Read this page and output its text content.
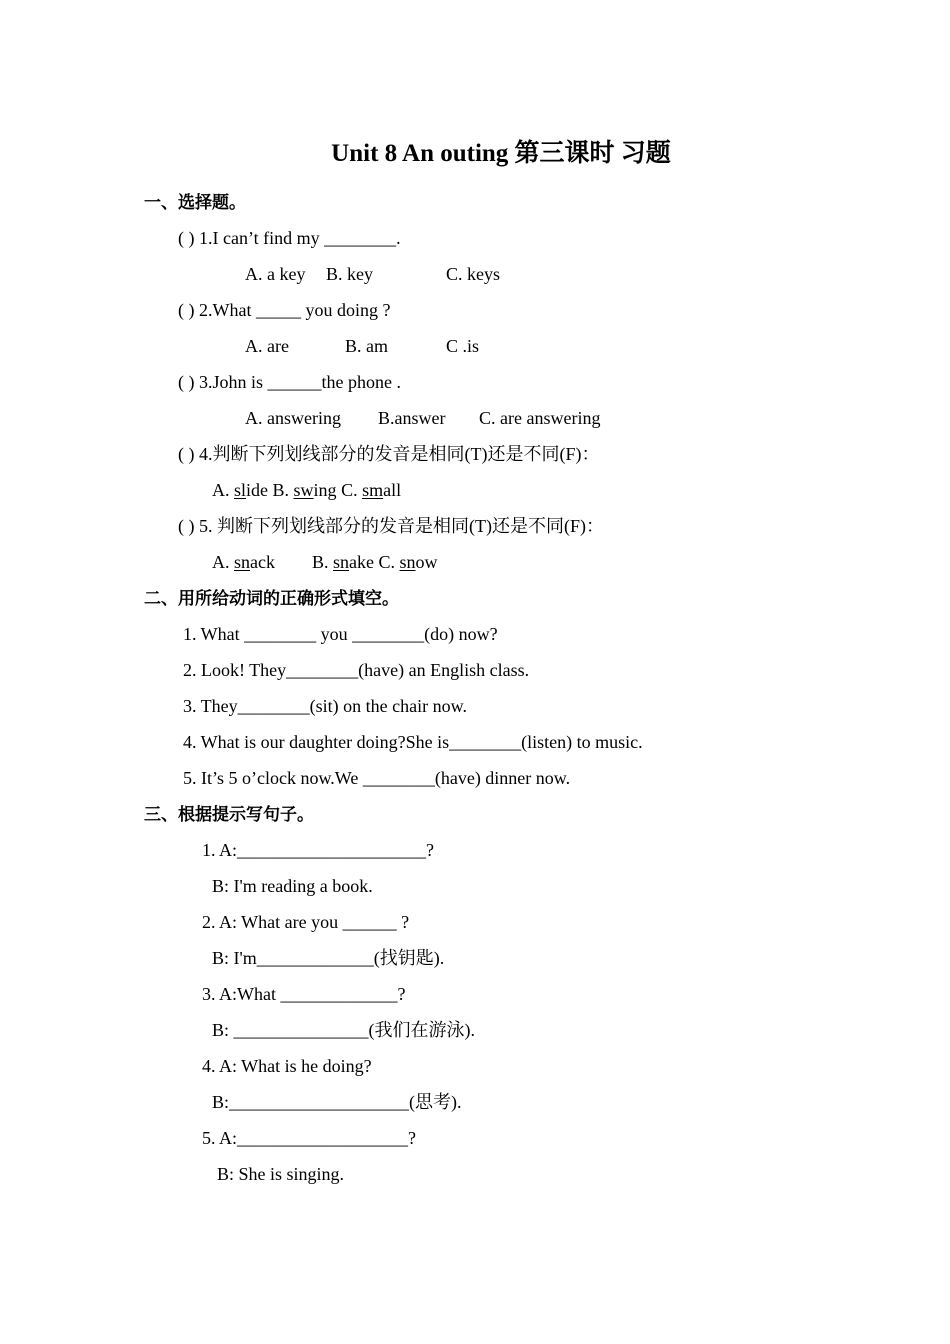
Unit 8 An outing 第三课时 习题
一、选择题。
( ) 1.I can’t find my ________.
A. a key B. key	C. keys
( ) 2.What _____ you doing ?
A. are	B. am	C .is
( ) 3.John is ______the phone .
A. answering B.answer C. are answering
( ) 4.判断下列划线部分的发音是相同(T)还是不同(F)：
A. slide B. swing C. small
( ) 5. 判断下列划线部分的发音是相同(T)还是不同(F)：
A. snack B. snake C. snow
二、用所给动词的正确形式填空。
1. What ________ you ________(do) now?
2. Look! They________(have) an English class.
3. They________(sit) on the chair now.
4. What is our daughter doing?She is________(listen) to music.
5. It’s 5 o’clock now.We ________(have) dinner now.
三、根据提示写句子。
1. A:_____________________?
B: I'm reading a book.
2. A: What are you ______ ?
B: I'm_____________(找钥匙).
3. A:What _____________?
B: _______________(我们在游泳).
4. A: What is he doing?
B:____________________(思考).
5. A:___________________?
B: She is singing.
